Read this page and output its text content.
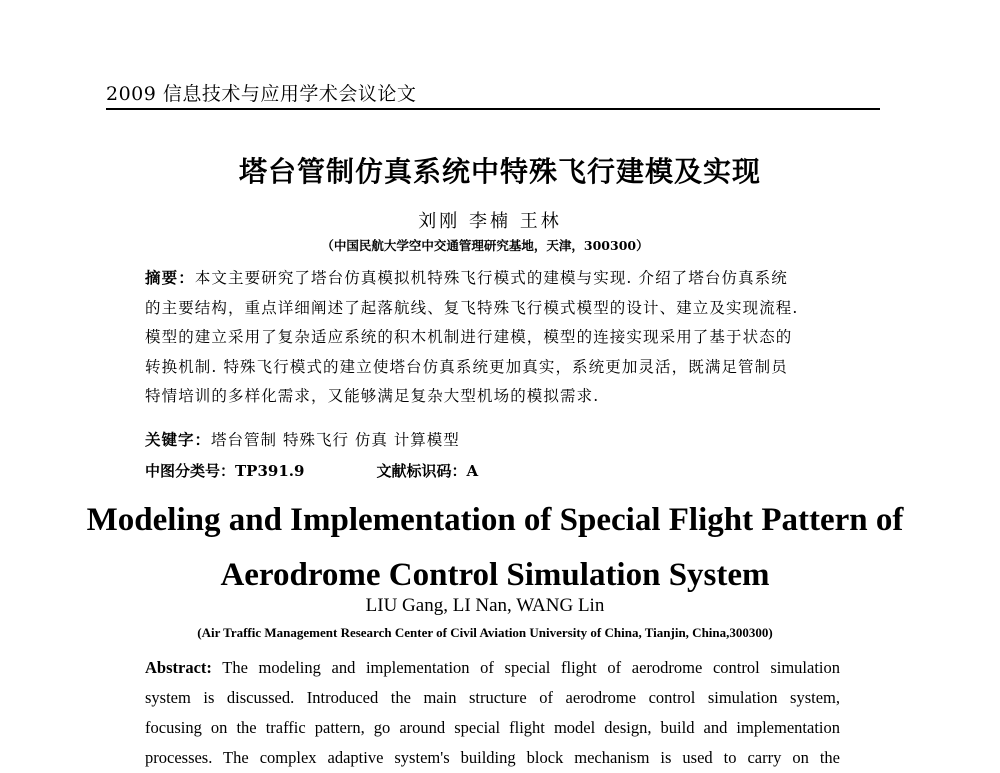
2009 信息技术与应用学术会议论文
塔台管制仿真系统中特殊飞行建模及实现
刘刚 李楠 王林
（中国民航大学空中交通管理研究基地，天津，300300）
摘要：本文主要研究了塔台仿真模拟机特殊飞行模式的建模与实现. 介绍了塔台仿真系统
的主要结构，重点详细阐述了起落航线、复飞特殊飞行模式模型的设计、建立及实现流程.
模型的建立采用了复杂适应系统的积木机制进行建模，模型的连接实现采用了基于状态的
转换机制. 特殊飞行模式的建立使塔台仿真系统更加真实，系统更加灵活，既满足管制员
特情培训的多样化需求，又能够满足复杂大型机场的模拟需求.
关键字：塔台管制 特殊飞行 仿真 计算模型
中图分类号：TP391.9	文献标识码：A
Modeling and Implementation of Special Flight Pattern of
Aerodrome Control Simulation System
LIU Gang, LI Nan, WANG Lin
(Air Traffic Management Research Center of Civil Aviation University of China, Tianjin, China,300300)
Abstract: The modeling and implementation of special flight of aerodrome control simulation
system is discussed. Introduced the main structure of aerodrome control simulation system,
focusing on the traffic pattern, go around special flight model design, build and implementation
processes. The complex adaptive system's building block mechanism is used to carry on the
